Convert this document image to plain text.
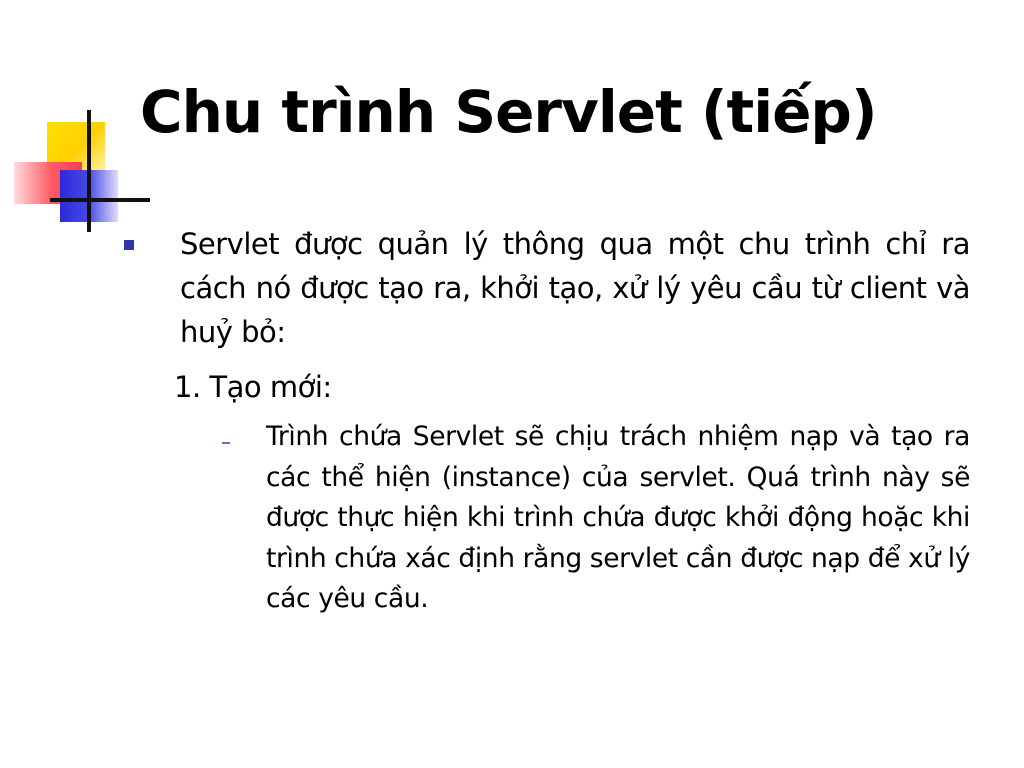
Chu trình Servlet (tiếp)
Servlet được quản lý thông qua một chu trình chỉ ra cách nó được tạo ra, khởi tạo, xử lý yêu cầu từ client và huỷ bỏ:
1. Tạo mới:
Trình chứa Servlet sẽ chịu trách nhiệm nạp và tạo ra các thể hiện (instance) của servlet. Quá trình này sẽ được thực hiện khi trình chứa được khởi động hoặc khi trình chứa xác định rằng servlet cần được nạp để xử lý các yêu cầu.
